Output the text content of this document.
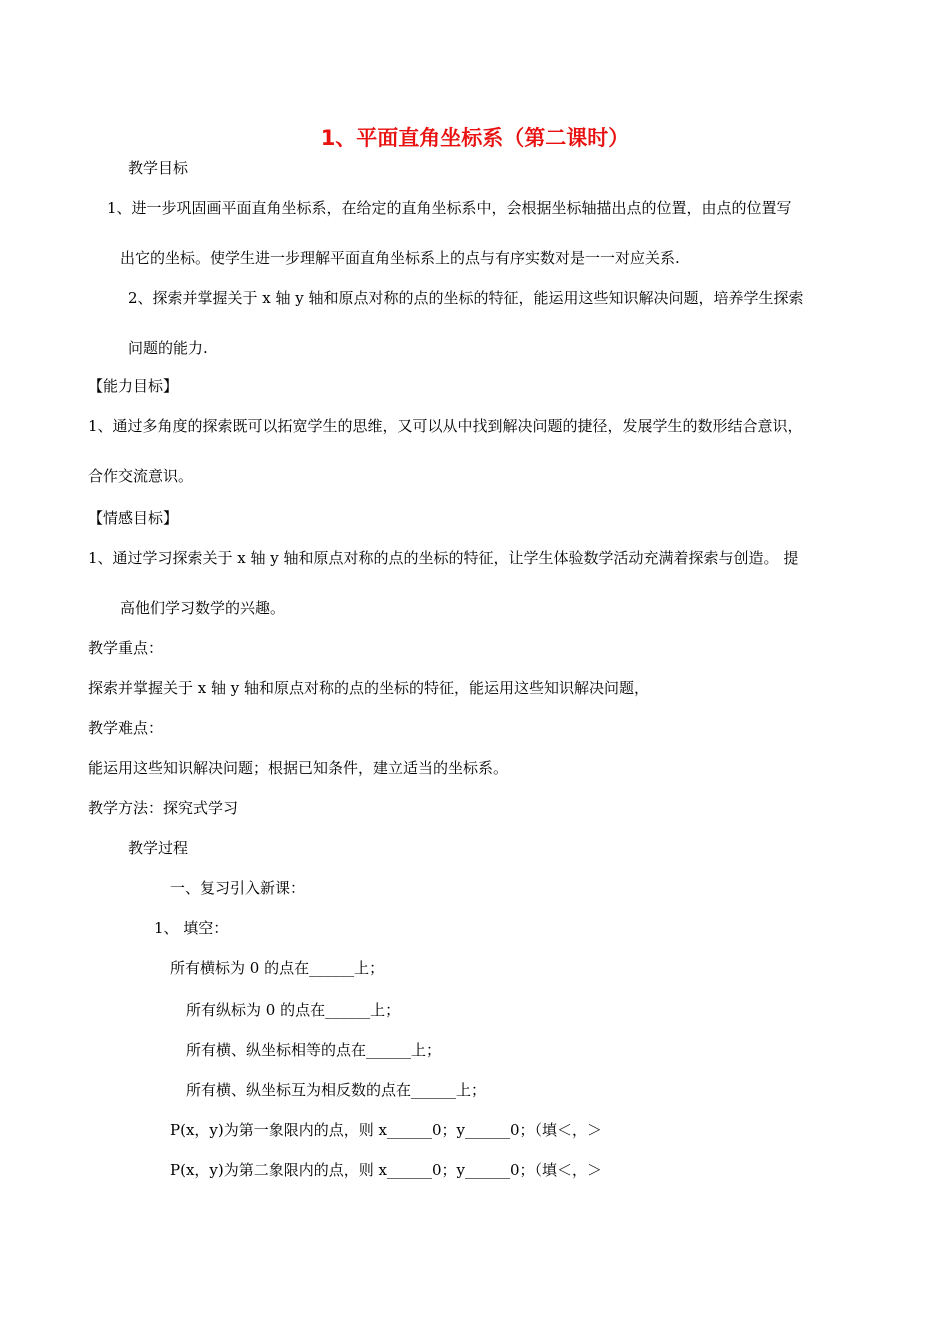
1、平面直角坐标系（第二课时）
教学目标
1、进一步巩固画平面直角坐标系，在给定的直角坐标系中，会根据坐标轴描出点的位置，由点的位置写
出它的坐标。使学生进一步理解平面直角坐标系上的点与有序实数对是一一对应关系.
2、探索并掌握关于 x 轴 y 轴和原点对称的点的坐标的特征，能运用这些知识解决问题，培养学生探索
问题的能力.
【能力目标】
1、通过多角度的探索既可以拓宽学生的思维，又可以从中找到解决问题的捷径，发展学生的数形结合意识，
合作交流意识。
【情感目标】
1、通过学习探索关于 x 轴 y 轴和原点对称的点的坐标的特征，让学生体验数学活动充满着探索与创造。 提
高他们学习数学的兴趣。
教学重点：
探索并掌握关于 x 轴 y 轴和原点对称的点的坐标的特征，能运用这些知识解决问题，
教学难点：
能运用这些知识解决问题；根据已知条件，建立适当的坐标系。
教学方法：探究式学习
教学过程
一、复习引入新课：
1、 填空：
所有横标为 0 的点在______上；
所有纵标为 0 的点在______上；
所有横、纵坐标相等的点在______上；
所有横、纵坐标互为相反数的点在______上；
P(x，y)为第一象限内的点，则 x______0；y______0；（填＜，＞
P(x，y)为第二象限内的点，则 x______0；y______0；（填＜，＞
